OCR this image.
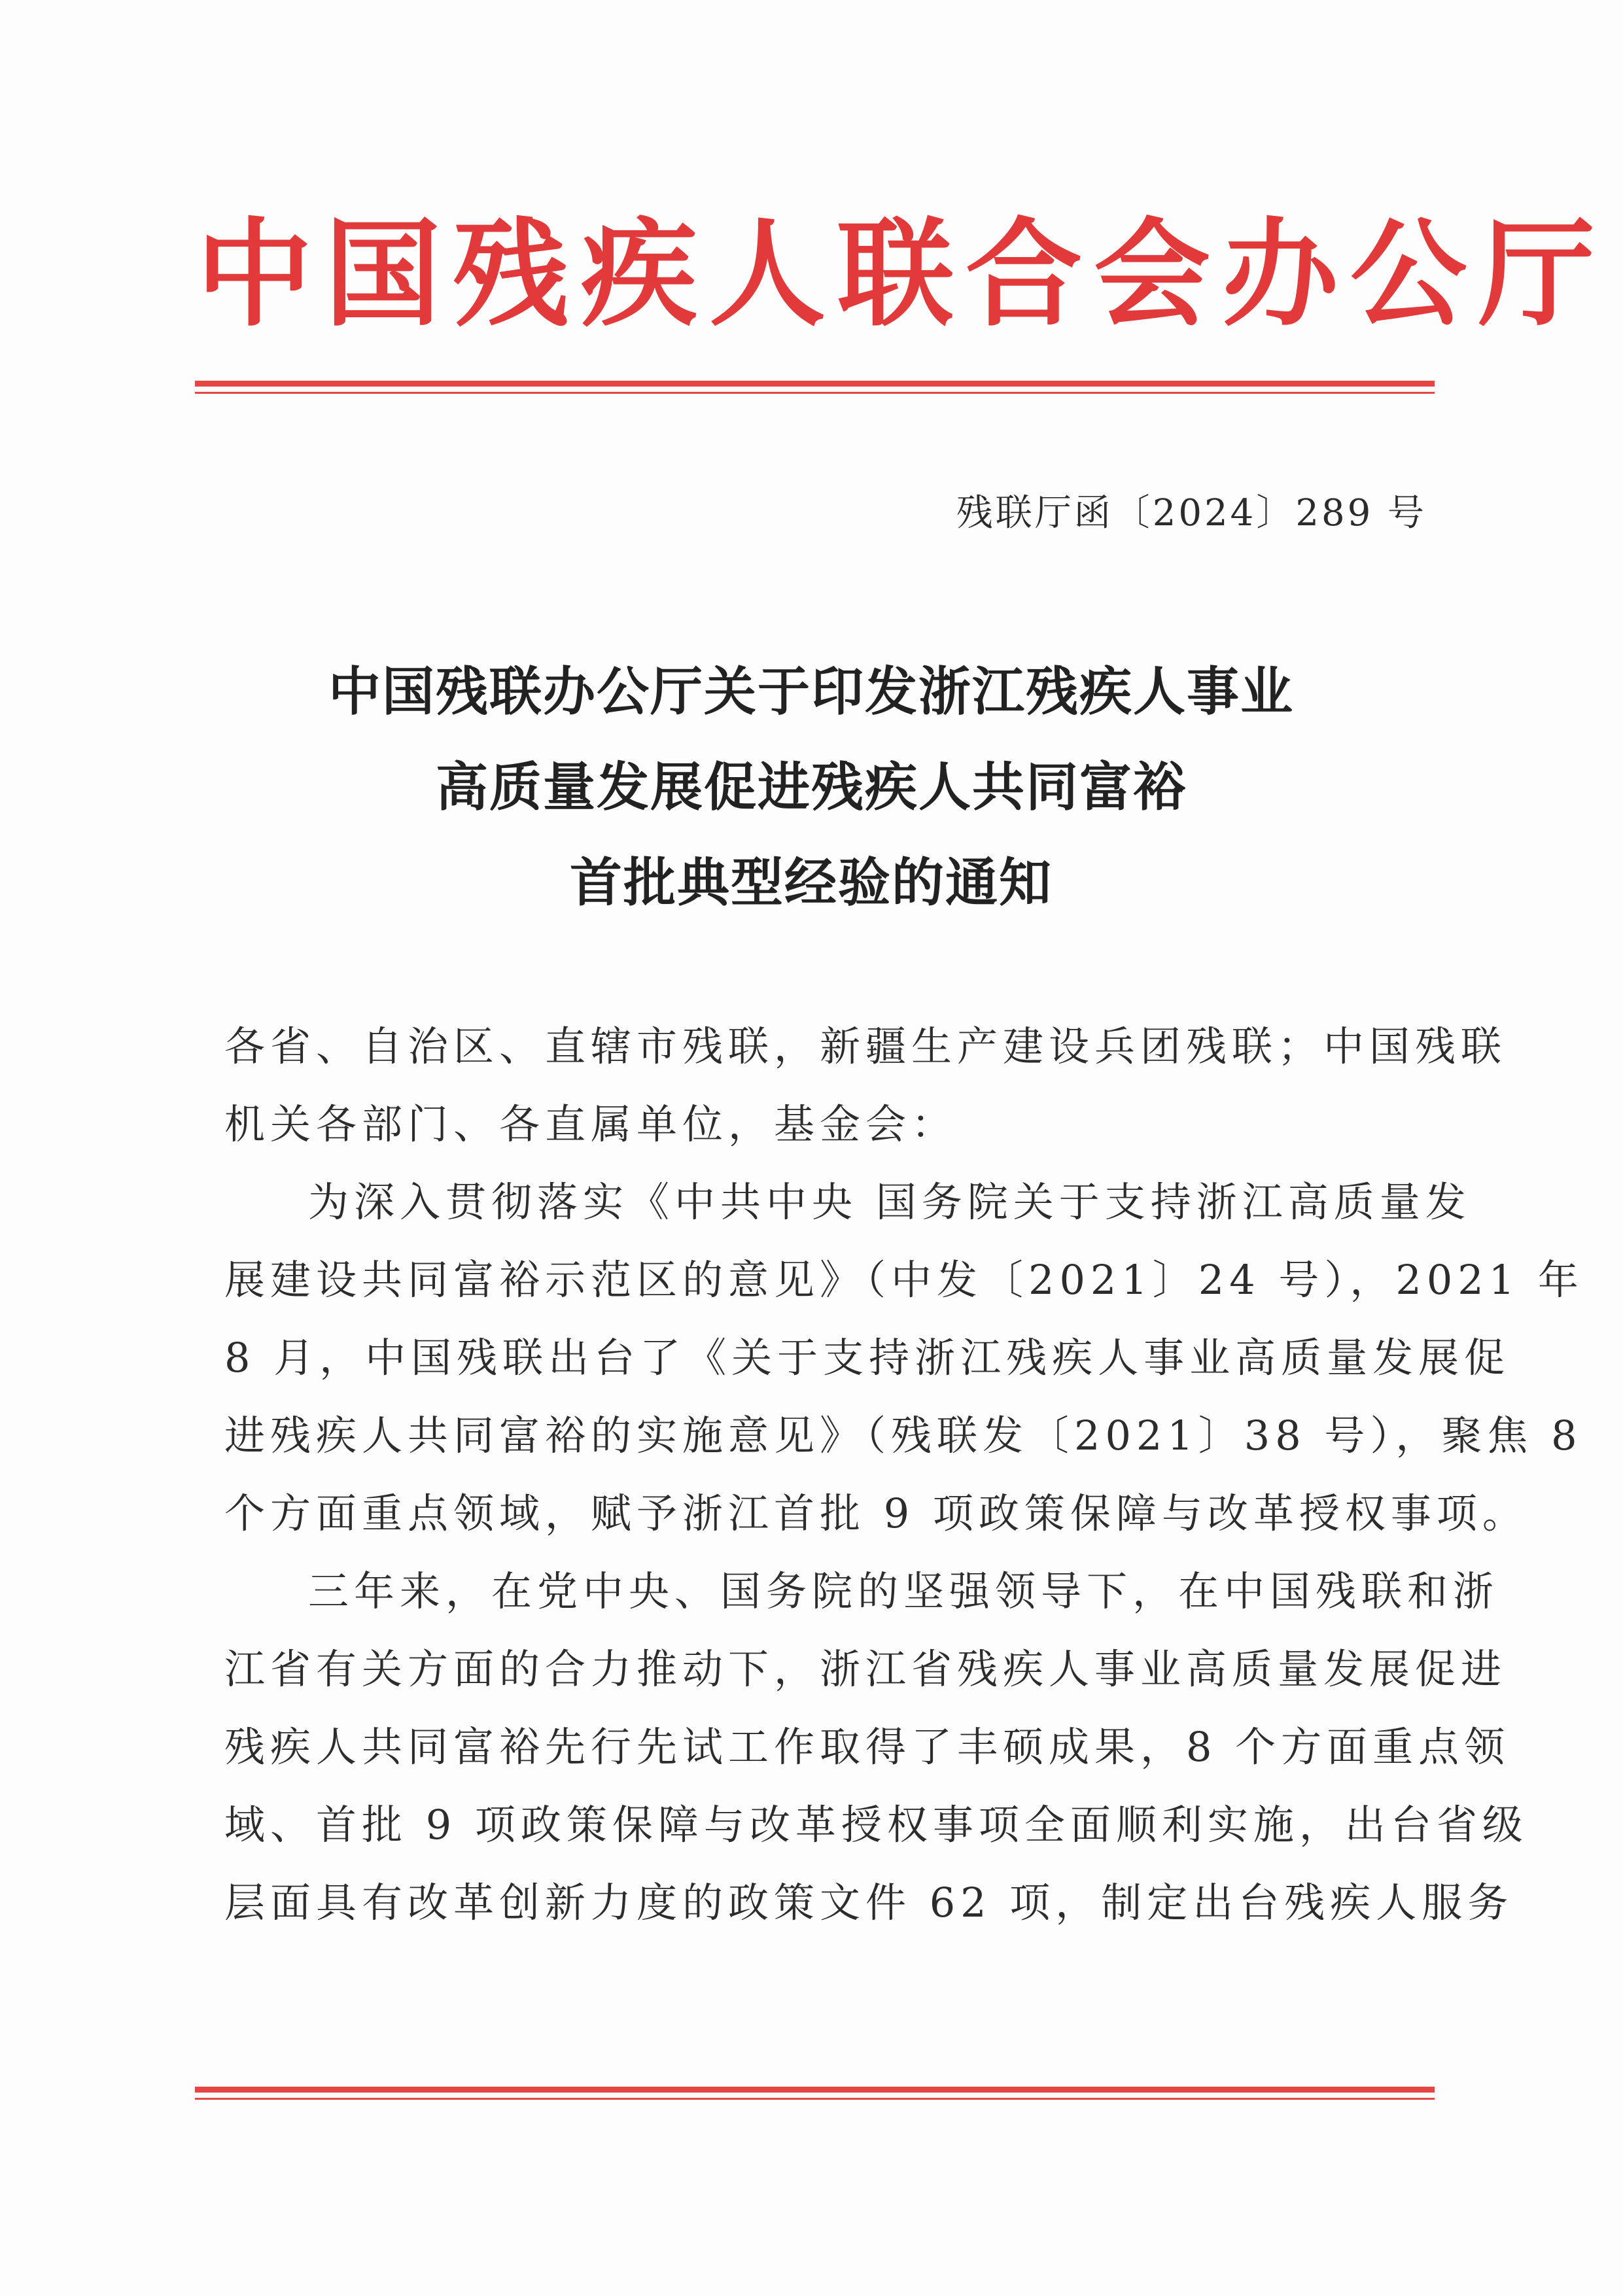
中国残疾人联合会办公厅
残联厅函〔2024〕289 号
中国残联办公厅关于印发浙江残疾人事业
高质量发展促进残疾人共同富裕
首批典型经验的通知
各省、自治区、直辖市残联，新疆生产建设兵团残联；中国残联
机关各部门、各直属单位，基金会：
为深入贯彻落实《中共中央 国务院关于支持浙江高质量发
展建设共同富裕示范区的意见》（中发〔2021〕24 号），2021 年
8 月，中国残联出台了《关于支持浙江残疾人事业高质量发展促
进残疾人共同富裕的实施意见》（残联发〔2021〕38 号），聚焦 8
个方面重点领域，赋予浙江首批 9 项政策保障与改革授权事项。
三年来，在党中央、国务院的坚强领导下，在中国残联和浙
江省有关方面的合力推动下，浙江省残疾人事业高质量发展促进
残疾人共同富裕先行先试工作取得了丰硕成果，8 个方面重点领
域、首批 9 项政策保障与改革授权事项全面顺利实施，出台省级
层面具有改革创新力度的政策文件 62 项，制定出台残疾人服务
